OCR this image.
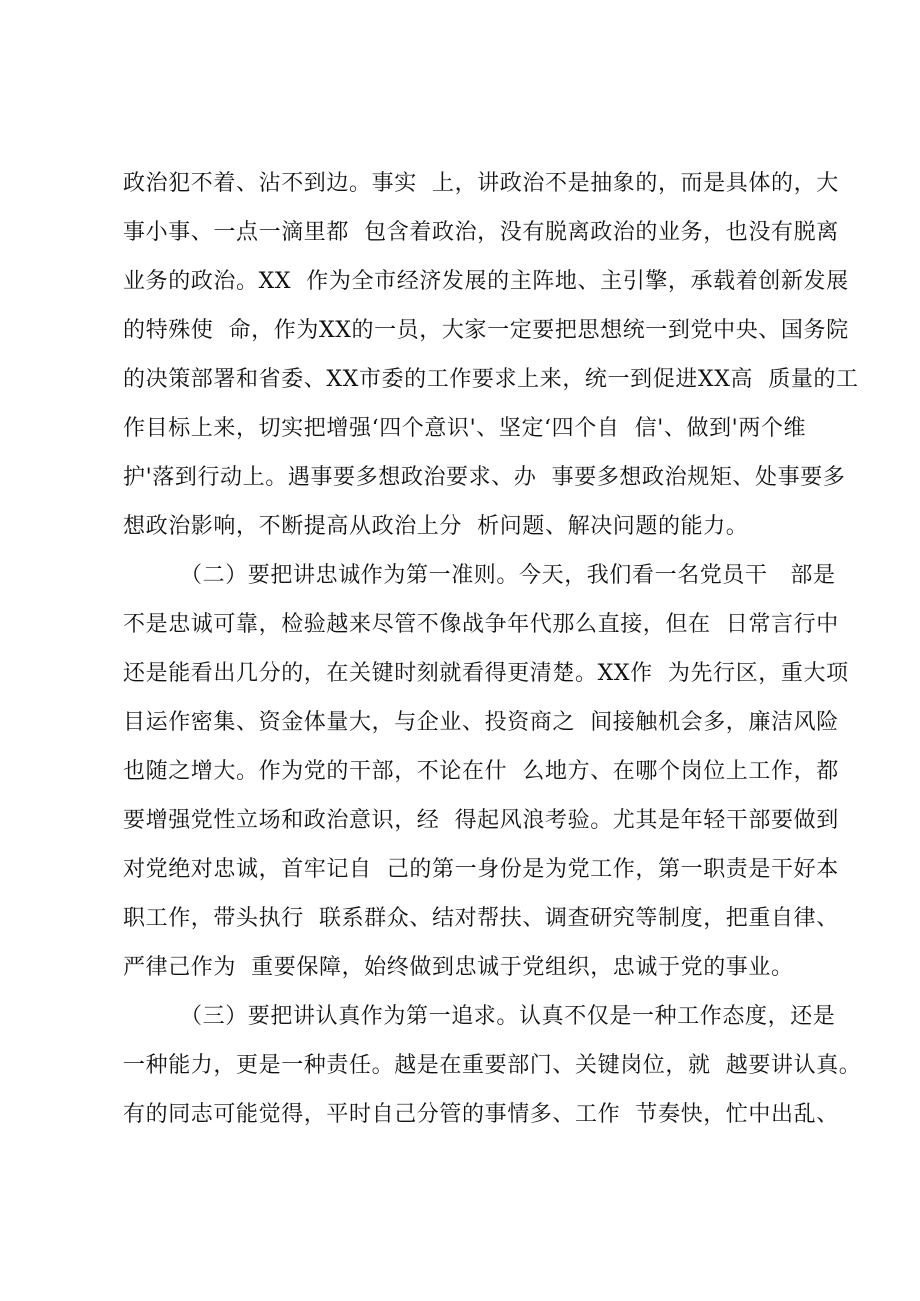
政治犯不着、沾不到边。事实  上，讲政治不是抽象的，而是具体的，大
事小事、一点一滴里都  包含着政治，没有脱离政治的业务，也没有脱离
业务的政治。XX  作为全市经济发展的主阵地、主引擎，承载着创新发展
的特殊使  命，作为XX的一员，大家一定要把思想统一到党中央、国务院
的决策部署和省委、XX市委的工作要求上来，统一到促进XX高  质量的工
作目标上来，切实把增强‘四个意识'、坚定‘四个自  信'、做到'两个维
护'落到行动上。遇事要多想政治要求、办  事要多想政治规矩、处事要多
想政治影响，不断提高从政治上分  析问题、解决问题的能力。
（二）要把讲忠诚作为第一准则。今天，我们看一名党员干   部是
不是忠诚可靠，检验越来尽管不像战争年代那么直接，但在  日常言行中
还是能看出几分的，在关键时刻就看得更清楚。XX作  为先行区，重大项
目运作密集、资金体量大，与企业、投资商之  间接触机会多，廉洁风险
也随之增大。作为党的干部，不论在什  么地方、在哪个岗位上工作，都
要增强党性立场和政治意识，经  得起风浪考验。尤其是年轻干部要做到
对党绝对忠诚，首牢记自  己的第一身份是为党工作，第一职责是干好本
职工作，带头执行  联系群众、结对帮扶、调查研究等制度，把重自律、
严律己作为  重要保障，始终做到忠诚于党组织，忠诚于党的事业。
（三）要把讲认真作为第一追求。认真不仅是一种工作态度，还是
一种能力，更是一种责任。越是在重要部门、关键岗位，就  越要讲认真。
有的同志可能觉得，平时自己分管的事情多、工作  节奏快，忙中出乱、
